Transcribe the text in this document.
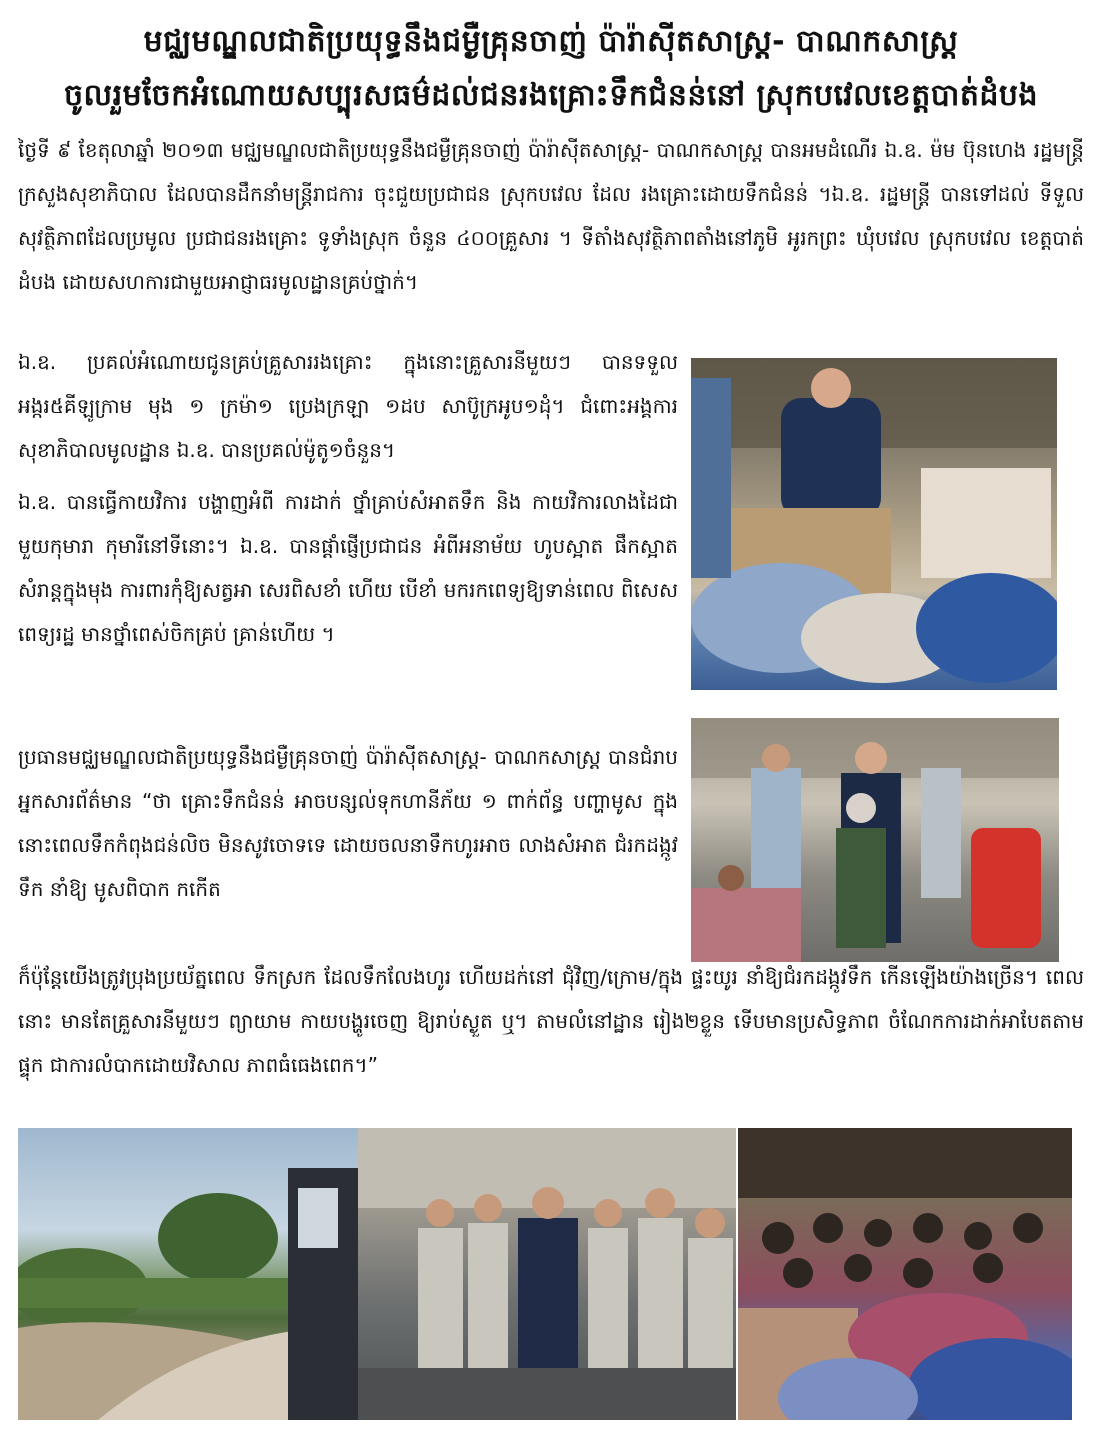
មជ្ឈមណ្ឌលជាតិប្រយុទ្ធនឹងជម្ងឺគ្រុនចាញ់ ប៉ារ៉ាស៊ីតសាស្ត្រ- បាណកសាស្ត្រ
ចូលរួមចែកអំណោយសប្បុរសធម៌ដល់ជនរងគ្រោះទឹកជំនន់នៅ ស្រុកបវេលខេត្តបាត់ដំបង

ថ្ងៃទី ៩ ខែតុលាឆ្នាំ ២០១៣ មជ្ឈមណ្ឌលជាតិប្រយុទ្ធនឹងជម្ងឺគ្រុនចាញ់ ប៉ារ៉ាស៊ីតសាស្ត្រ- បាណកសាស្ត្រ បានអមដំណើរ ឯ.ឧ. ម៉ម ប៊ុនហេង រដ្ឋមន្ត្រីក្រសួងសុខាភិបាល ដែលបានដឹកនាំមន្ត្រីរាជការ ចុះជួយប្រជាជន ស្រុកបវេល ដែល រងគ្រោះដោយទឹកជំនន់ ។ឯ.ឧ. រដ្ឋមន្ត្រី បានទៅដល់ ទីទួលសុវត្ថិភាពដែលប្រមូល ប្រជាជនរងគ្រោះ ទូទាំងស្រុក ចំនួន ៤០០គ្រួសារ ។ ទីតាំងសុវត្ថិភាពតាំងនៅភូមិ អូរកព្រះ ឃុំបវេល ស្រុកបវេល ខេត្តបាត់ដំបង ដោយសហការជាមួយអាជ្ញាធរមូលដ្ឋានគ្រប់ថ្នាក់។

ឯ.ឧ. ប្រគល់អំណោយជូនគ្រប់គ្រួសាររងគ្រោះ ក្នុងនោះគ្រួសារនីមួយៗ បានទទួល អង្ករ៥គីឡូក្រាម មុង ១ ក្រម៉ា១ ប្រេងក្រឡា ១ដប សាប៊ូក្រអូប១ដុំ។ ជំពោះអង្គការសុខាភិបាលមូលដ្ឋាន ឯ.ឧ. បានប្រគល់ម៉ូតូ១ចំនួន។

ឯ.ឧ. បានធ្វើកាយវិការ បង្ហាញអំពី ការដាក់ ថ្នាំគ្រាប់សំអាតទឹក និង កាយវិការលាងដៃជាមួយកុមារា កុមារីនៅទីនោះ។ ឯ.ឧ. បានផ្តាំផ្ញើប្រជាជន អំពីអនាម័យ ហូបស្អាត ផឹកស្អាត សំរាន្តក្នុងមុង ការពារកុំឱ្យសត្វអា សេរពិសខាំ ហើយ បើខាំ មករកពេទ្យឱ្យទាន់ពេល ពិសេសពេទ្យរដ្ឋ មានថ្នាំពេស់ចិកគ្រប់ គ្រាន់ហើយ ។

ប្រធានមជ្ឈមណ្ឌលជាតិប្រយុទ្ធនឹងជម្ងឺគ្រុនចាញ់ ប៉ារ៉ាស៊ីតសាស្ត្រ- បាណកសាស្ត្រ បានជំរាបអ្នកសារព័ត៌មាន “ថា គ្រោះទឹកជំនន់ អាចបន្សល់ទុកហានីភ័យ ១ ពាក់ព័ន្ធ បញ្ហាមូស ក្នុងនោះពេលទឹកកំពុងជន់លិច មិនសូវចោទទេ ដោយចលនាទឹកហូរអាច លាងសំអាត ជំរកដង្កូវទឹក នាំឱ្យ មូសពិបាក កកើត

ក៏ប៉ុន្តែយើងត្រូវប្រុងប្រយ័ត្នពេល ទឹកស្រក ដែលទឹកលែងហូរ ហើយដក់នៅ ជុំវិញ/ក្រោម/ក្នុង ផ្ទះយូរ នាំឱ្យជំរកដង្កូវទឹក កើនឡើងយ៉ាងច្រើន។ ពេលនោះ មានតែគ្រួសារនីមួយៗ ព្យាយាម កាយបង្ហូរចេញ ឱ្យរាប់ស្ងួត ឬ។ តាមលំនៅដ្ឋាន រៀង២ខ្លួន ទើបមានប្រសិទ្ធភាព ចំណែកការដាក់អាបែតតាមផ្ទុក ជាការលំបាកដោយវិសាល ភាពធំធេងពេក។”
